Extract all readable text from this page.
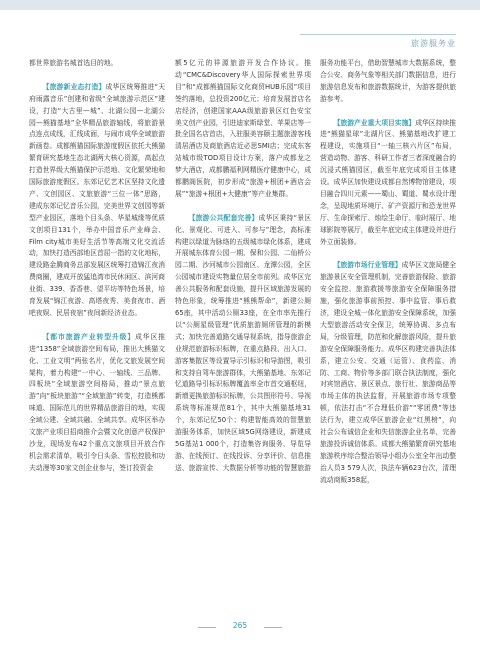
旅游服务业

都世界旅游名城首选目的地。

【旅游新业态打造】成华区统筹推进“天府雨露音乐”创建和省级“全域旅游示范区”建设，打造“大古里—城”、北湖公园—北湖公园—熊猫基地”全华精品旅游轴线，将旅游景点连点成线，汇线成面，与闹市成华全域旅游新画卷。成都熊猫国际旅游度假区依托大熊猫繁育研究基地生态北湖两大核心资源，高起点打造世界级大熊猫保护示范地、文化繁荣地和国际旅游度假区。东郊记忆艺术区坚持文化遗产、文创园区、文旅旅游“三位一体”思路，建成东郊记忆音乐公园，完美世界文创园等新型产业园区，落地个目头条、华星城缘等优质文创项目131个，举办中国音乐产业峰会、Film city城市美好生活节等高端文化交流活动，加快打造西部地区首屈一指的文化地标，建设路金腾商务总部发展区统筹打造锦江夜消费商圈，建成开放猛追湾市民休闲区、滨河商业街、339、香香巷、望平坊等特色场景，培育发展“锦江夜游、高塔夜秀、美食夜市、酒吧夜娱、民居夜宿”夜间新经济业态。

【都市旅游产业转型升级】成华区推进“1358”全域旅游空间布局，推出大熊猫文化、工业文明”两张名片，优化文旅发展空间架构，着力构建“一中心、一轴线、三品牌、四板块”全域旅游空间格局，推动“景点旅游”向“板块旅游”“全域旅游”转变，打造熊都味道、国际范儿的世界精品旅游目的地，实现全域公建、全域共融、全域共享。成华区举办文旅产业项目招商推介会暨文化创意产权保护沙龙，现场发布42个重点文旅项目开放合作机会需求清单，吸引令日头条、雪松控股和功夫动漫等30家文创企业参与，签订投资金

额5亿元的祥源旅游开发合作协议。推动“CMC&Discovery华人国际探索世界项目”和“成都熊猫国际文化商贸HUB乐园”项目签约落地，总投资200亿元；培育发展首店名店经济，创建国家AAA级旅游景区红色安宝美文创产业园，引进迪家斯绿堂、苹果店等一批全国名店首店，入驻服美容颐主题旅游客栈清居酒店及商旅酒店近必思SMI店；完成东客站城市级TOD项目设计方案，落户成都龙之梦大酒店，成都鹏福利网精医疗健康中心，成都鹏阁医院，初步形成“旅游+根团+酒店会展”“旅游+根团+大健康”等产业集群。

【旅游公共配套完善】成华区秉持“景区化、景观化、可进入、可参与”理念，高标准构建以绿道为脉络的五级城市绿化体系，建成开展城东体育公园一期、保和公园、二仙桥公园二期、沙河城市公园南区、龙潭公园，全区公园城市建设实物量位居全市前列。成华区完善公共服务和配套设施，提升区域旅游发展的特色形象，统筹推进“熊熊帮命”，新建公厕65座，其中活动公厕33座，在全市率先推行以“公厕星级管理”优质旅游厕所管理的新模式；加快完善道路交通导视系统，指导旅游企业规范旅游标识标牌，在重点路段、出入口、游客集散区等设置导示引标识和导游图，吸引和支持自驾车旅游群体，大熊猫基地、东郊记忆道路导引标识标牌覆盖率全市首交通枢纽，新增更换旅游标识标牌，公共图形符号、导视系统等标准规范81个，其中大熊猫基地31个，东郊记忆50个；构建智能高效的智慧旅游服务体系，加快区域5G网络建设，新建成5G基站1 000个，打造集咨询服务、导览导游、在线预订、在线投诉、分享评价、信息推送、旅游宣传、大数据分析等功能的智慧旅游

服务功能平台，借助智慧城市大数据系统，整合公安、商务气象等相关部门数据信息，进行旅游信息发布和旅游数据统计，为游客提供旅游参考。

【旅游产业重大项目实施】成华区持续推进“熊猫星球”北湖片区、熊猫基地改扩建工程建设，实施项目“一轴三核六片区”布局，营造动物、游客、科研工作者三者深度融合的沉浸式熊猫园区，截至年底完成项目主体建设。成华区加快建设成都自然博物馆建设，项目融合四川元素——蜀山、蜀道、蜀水设计理念，呈现地质环境厅、矿产资源厅和恐龙世界厅、生命探索厅、烛绘生命厅、临时展厅、地球影院等展厅，截至年底完成主体建设并进行外立面装修。

【旅游市场行业管理】成华区文旅局健全旅游景区安全管理机制，完善旅游保险、旅游安全监控、旅游救援等旅游安全保障服务措施，强化旅游事前预控、事中监管、事后救济，建设全城一体化旅游安全保障系统，加强大型旅游活动安全保卫，统筹协调、多点布局，分级管理，防范和化解旅游风险，提升旅游安全保障服务能力。成华区构建完善执法体系，建立公安、交通（运管）、食药监、消防、工商、物价等多部门联合执法制度，强化对宾馆酒店、景区景点、旅行社、旅游商品等市场主体的执法监督，开展旅游市场专项整顿，依法打击“不合理低价游”“零团费”等违法行为，建立成华区旅游企业“红黑榜”，向社会公布诚信企业和失信旅游企业名单，完善旅游投诉诚信体系。成都大熊猫繁育研究基地旅游秩序综合整治领导小组办公室全年出动整治人员3 579人次，执法车辆623台次，清理流动商贩358起，

265
